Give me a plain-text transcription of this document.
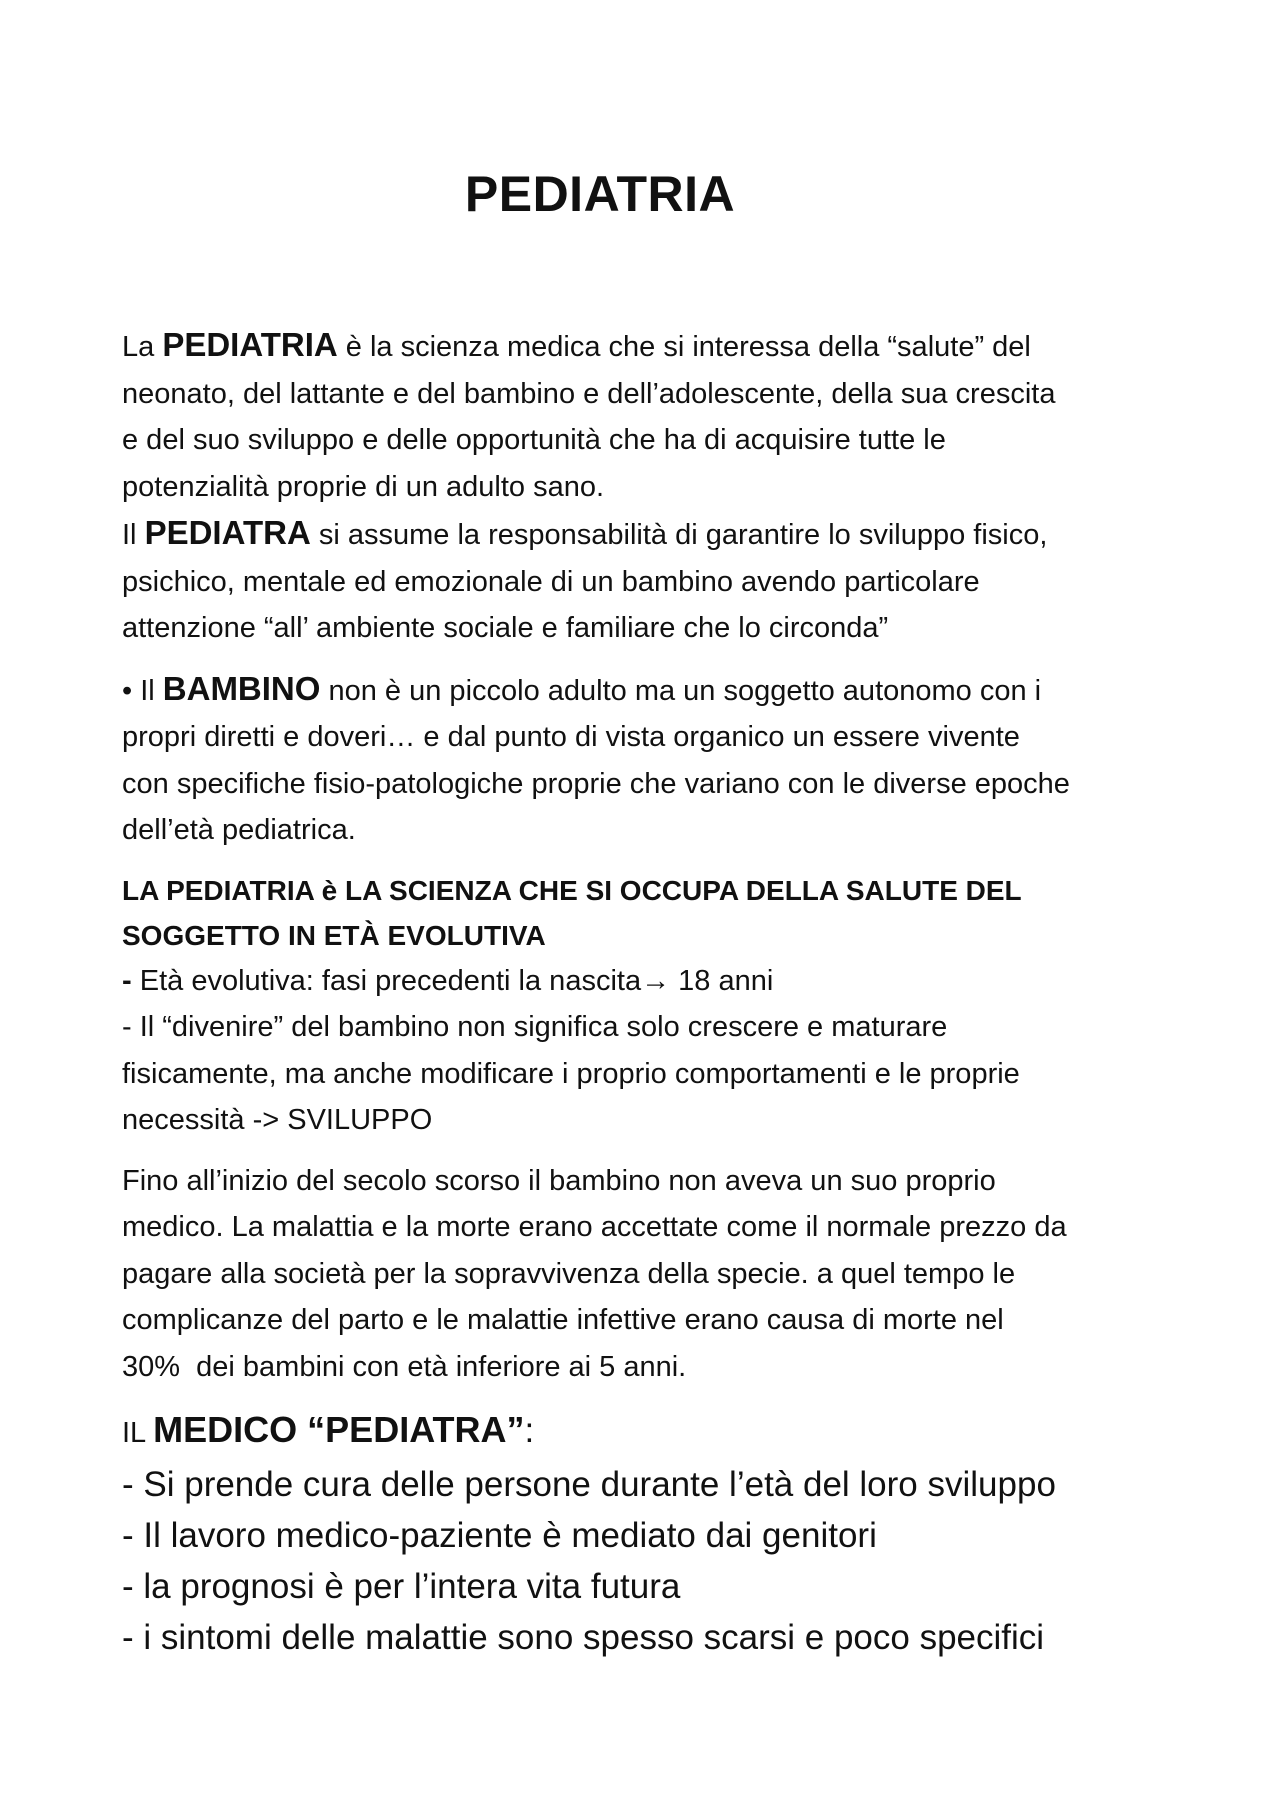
PEDIATRIA

La PEDIATRIA è la scienza medica che si interessa della “salute” del
neonato, del lattante e del bambino e dell’adolescente, della sua crescita
e del suo sviluppo e delle opportunità che ha di acquisire tutte le
potenzialità proprie di un adulto sano.
Il PEDIATRA si assume la responsabilità di garantire lo sviluppo fisico,
psichico, mentale ed emozionale di un bambino avendo particolare
attenzione “all’ ambiente sociale e familiare che lo circonda”

• Il BAMBINO non è un piccolo adulto ma un soggetto autonomo con i
propri diretti e doveri… e dal punto di vista organico un essere vivente
con specifiche fisio-patologiche proprie che variano con le diverse epoche
dell’età pediatrica.

LA PEDIATRIA è LA SCIENZA CHE SI OCCUPA DELLA SALUTE DEL
SOGGETTO IN ETÀ EVOLUTIVA

- Età evolutiva: fasi precedenti la nascita→ 18 anni
- Il “divenire” del bambino non significa solo crescere e maturare
fisicamente, ma anche modificare i proprio comportamenti e le proprie
necessità -> SVILUPPO

Fino all’inizio del secolo scorso il bambino non aveva un suo proprio
medico. La malattia e la morte erano accettate come il normale prezzo da
pagare alla società per la sopravvivenza della specie. a quel tempo le
complicanze del parto e le malattie infettive erano causa di morte nel
30%  dei bambini con età inferiore ai 5 anni.

IL MEDICO “PEDIATRA”:
- Si prende cura delle persone durante l’età del loro sviluppo
- Il lavoro medico-paziente è mediato dai genitori
- la prognosi è per l’intera vita futura
- i sintomi delle malattie sono spesso scarsi e poco specifici
